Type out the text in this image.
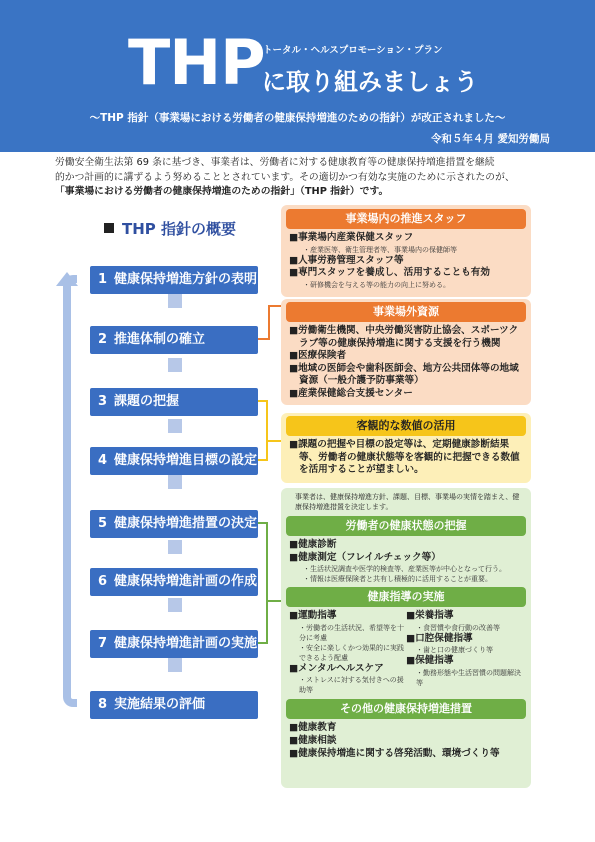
THP
トータル・ヘルスプロモーション・プラン
に取り組みましょう
～THP 指針（事業場における労働者の健康保持増進のための指針）が改正されました～
令和５年４月 愛知労働局
労働安全衛生法第 69 条に基づき、事業者は、労働者に対する健康教育等の健康保持増進措置を継続
的かつ計画的に講ずるよう努めることとされています。その適切かつ有効な実施のために示されたのが、
「事業場における労働者の健康保持増進のための指針」（THP 指針）です。
THP 指針の概要
1 健康保持増進方針の表明
2 推進体制の確立
3 課題の把握
4 健康保持増進目標の設定
5 健康保持増進措置の決定
6 健康保持増進計画の作成
7 健康保持増進計画の実施
8 実施結果の評価
事業場内の推進スタッフ
■事業場内産業保健スタッフ
・産業医等、衛生管理者等、事業場内の保健師等
■人事労務管理スタッフ等
■専門スタッフを養成し、活用することも有効
・研修機会を与える等の能力の向上に努める。
事業場外資源
■労働衛生機関、中央労働災害防止協会、スポーツクラブ等の健康保持増進に関する支援を行う機関
■医療保険者
■地域の医師会や歯科医師会、地方公共団体等の地域資源（一般介護予防事業等）
■産業保健総合支援センター
客観的な数値の活用
■課題の把握や目標の設定等は、定期健康診断結果等、労働者の健康状態等を客観的に把握できる数値を活用することが望ましい。
事業者は、健康保持増進方針、課題、目標、事業場の実情を踏まえ、健康保持増進措置を決定します。
労働者の健康状態の把握
■健康診断
■健康測定（フレイルチェック等）
・生活状況調査や医学的検査等、産業医等が中心となって行う。
・情報は医療保険者と共有し積極的に活用することが重要。
健康指導の実施
■運動指導
・労働者の生活状況、希望等を十分に考慮
・安全に楽しくかつ効果的に実践できるよう配慮
■メンタルヘルスケア
・ストレスに対する気付きへの援助等
■栄養指導
・食習慣や食行動の改善等
■口腔保健指導
・歯と口の健康づくり等
■保健指導
・勤務形態や生活習慣の問題解決等
その他の健康保持増進措置
■健康教育
■健康相談
■健康保持増進に関する啓発活動、環境づくり等
